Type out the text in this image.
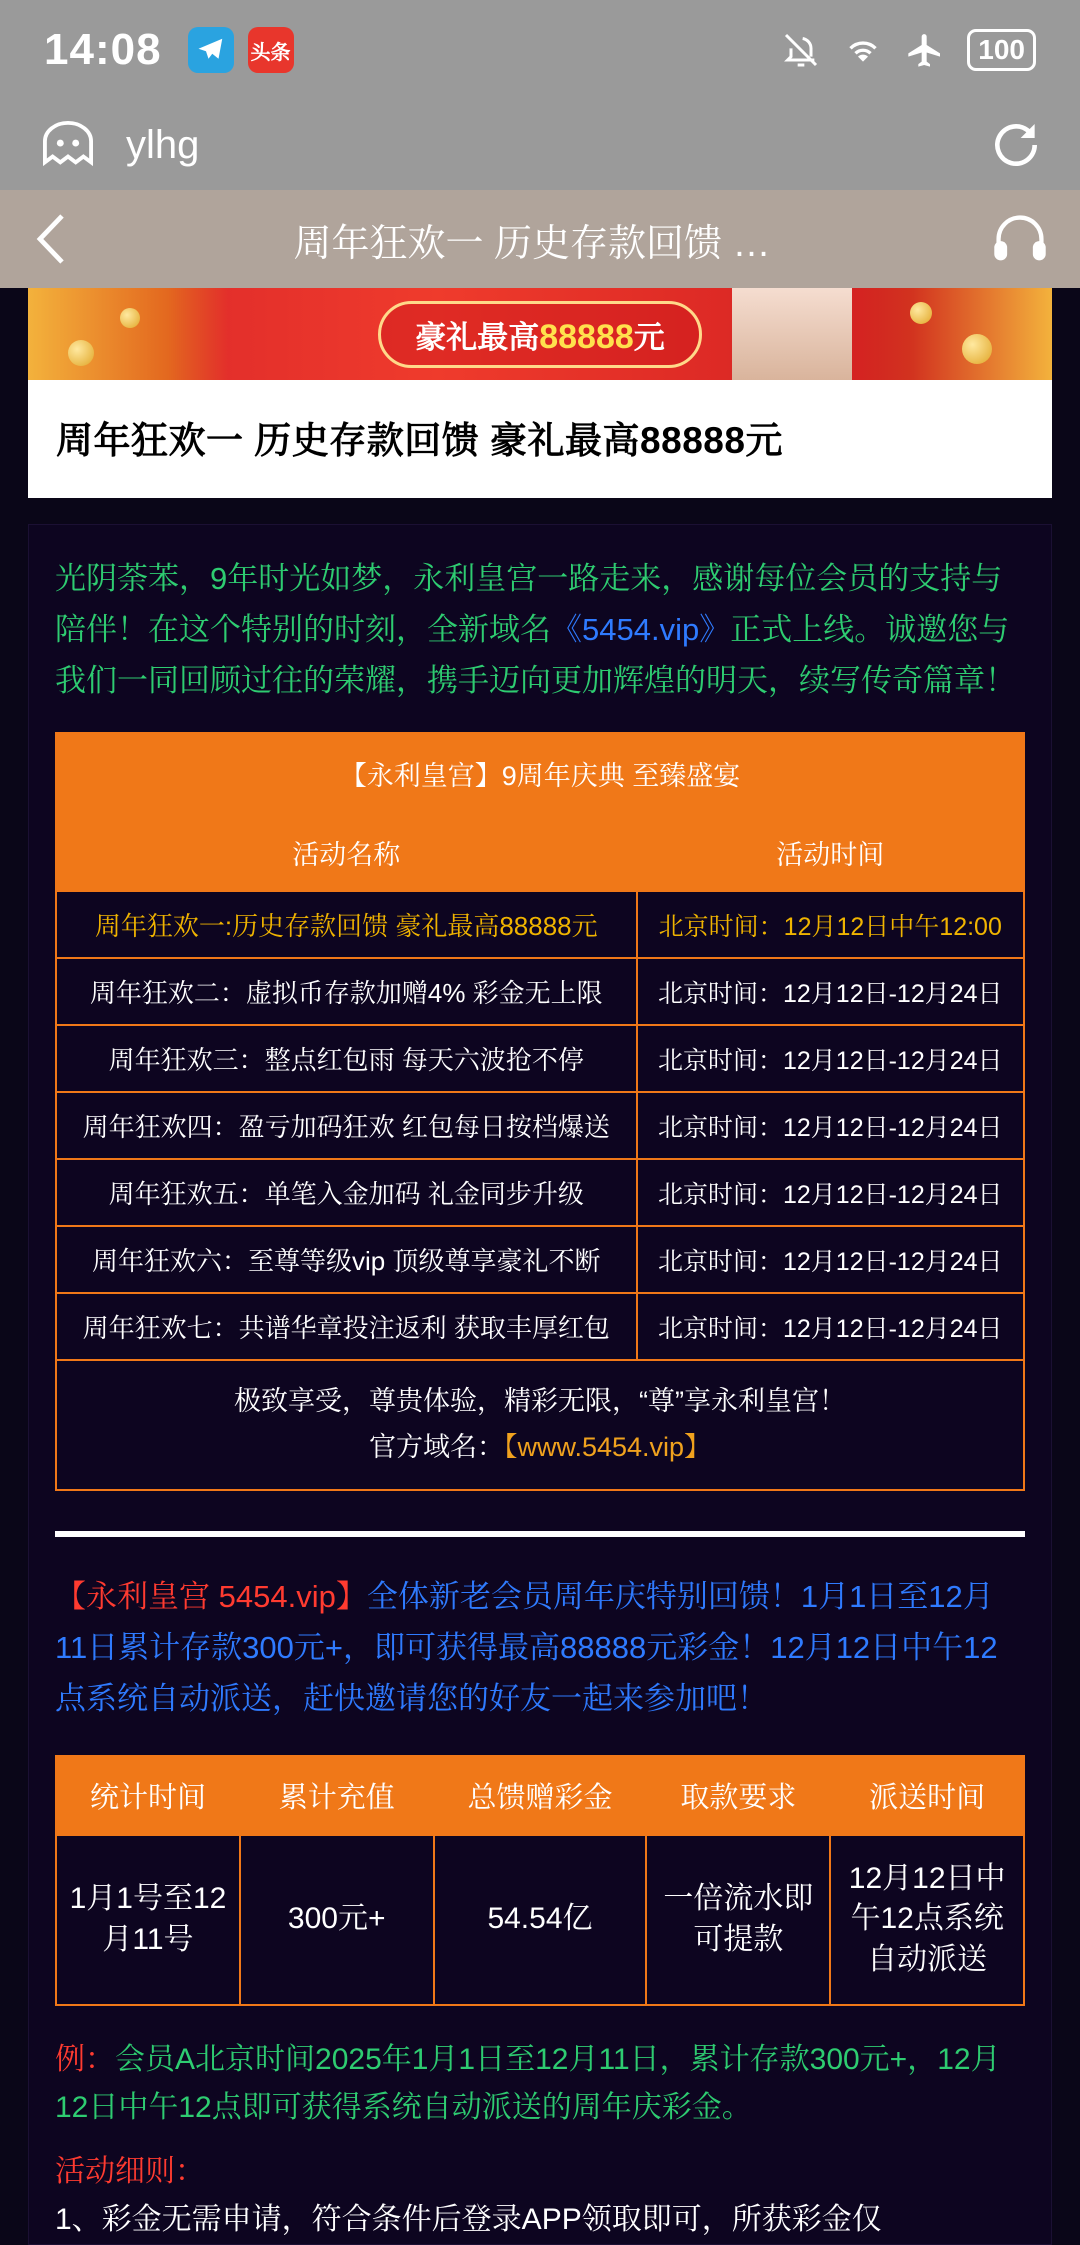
14:08	头条	100
ylhg
周年狂欢一 历史存款回馈 …
豪礼最高88888元
周年狂欢一 历史存款回馈 豪礼最高88888元
光阴荼苯，9年时光如梦，永利皇宫一路走来，感谢每位会员的支持与陪伴！在这个特别的时刻，全新域名《5454.vip》正式上线。诚邀您与我们一同回顾过往的荣耀，携手迈向更加辉煌的明天，续写传奇篇章！
【永利皇宫】9周年庆典 至臻盛宴	
活动名称	活动时间
周年狂欢一:历史存款回馈 豪礼最高88888元	北京时间：12月12日中午12:00
周年狂欢二：虚拟币存款加赠4% 彩金无上限	北京时间：12月12日-12月24日
周年狂欢三：整点红包雨 每天六波抢不停	北京时间：12月12日-12月24日
周年狂欢四：盈亏加码狂欢 红包每日按档爆送	北京时间：12月12日-12月24日
周年狂欢五：单笔入金加码 礼金同步升级	北京时间：12月12日-12月24日
周年狂欢六：至尊等级vip 顶级尊享豪礼不断	北京时间：12月12日-12月24日
周年狂欢七：共谱华章投注返利 获取丰厚红包	北京时间：12月12日-12月24日

极致享受，尊贵体验，精彩无限，“尊”享永利皇宫！
官方域名：【www.5454.vip】	
【永利皇宫 5454.vip】全体新老会员周年庆特别回馈！1月1日至12月11日累计存款300元+，即可获得最高88888元彩金！12月12日中午12点系统自动派送，赶快邀请您的好友一起来参加吧！
统计时间	累计充值	总馈赠彩金	取款要求	派送时间
1月1号至12月11号	300元+	54.54亿	一倍流水即可提款	12月12日中午12点系统自动派送
例：会员A北京时间2025年1月1日至12月11日，累计存款300元+，12月12日中午12点即可获得系统自动派送的周年庆彩金。
活动细则：
1、彩金无需申请，符合条件后登录APP领取即可，所获彩金仅
